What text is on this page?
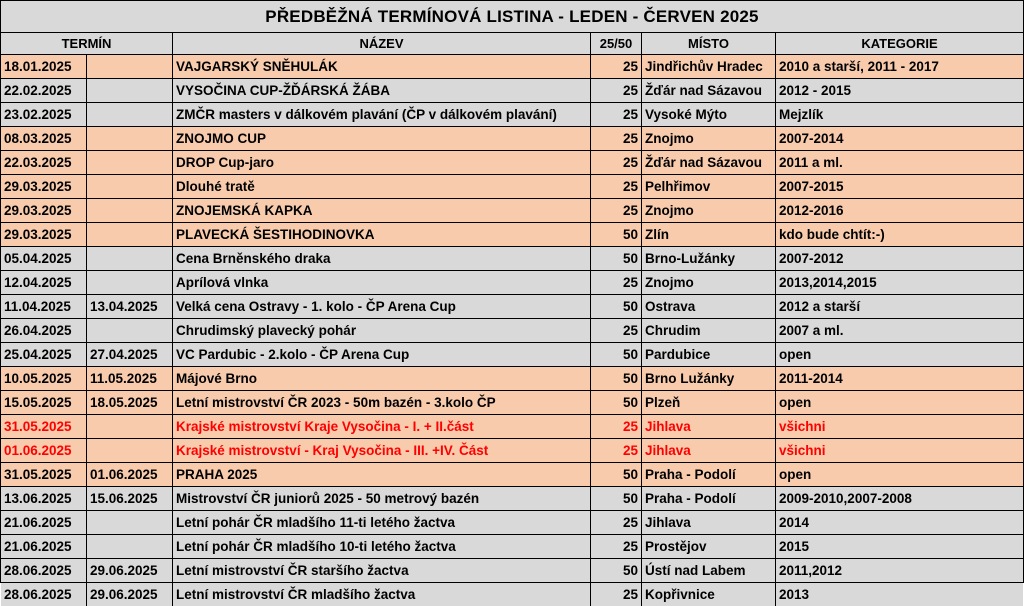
PŘEDBĚŽNÁ TERMÍNOVÁ LISTINA - LEDEN - ČERVEN 2025
TERMÍN	NÁZEV	25/50	MÍSTO	KATEGORIE
18.01.2025	VAJGARSKÝ SNĚHULÁK	25 Jindřichův Hradec	2010 a starší, 2011 - 2017
22.02.2025	VYSOČINA CUP-ŽĎÁRSKÁ ŽÁBA	25 Žďár nad Sázavou	2012 - 2015
23.02.2025	ZMČR masters v dálkovém plavání (ČP v dálkovém plavání)	25 Vysoké Mýto	Mejzlík
08.03.2025	ZNOJMO CUP	25 Znojmo	2007-2014
22.03.2025	DROP Cup-jaro	25 Žďár nad Sázavou	2011 a ml.
29.03.2025	Dlouhé tratě	25 Pelhřimov	2007-2015
29.03.2025	ZNOJEMSKÁ KAPKA	25 Znojmo	2012-2016
29.03.2025	PLAVECKÁ ŠESTIHODINOVKA	50 Zlín	kdo bude chtít:-)
05.04.2025	Cena Brněnského draka	50 Brno-Lužánky	2007-2012
12.04.2025	Aprílová vlnka	25 Znojmo	2013,2014,2015
11.04.2025	13.04.2025	Velká cena Ostravy - 1. kolo - ČP Arena Cup	50 Ostrava	2012 a starší
26.04.2025	Chrudimský plavecký pohár	25 Chrudim	2007 a ml.
25.04.2025	27.04.2025	VC Pardubic - 2.kolo - ČP Arena Cup	50 Pardubice	open
10.05.2025	11.05.2025	Májové Brno	50 Brno Lužánky	2011-2014
15.05.2025	18.05.2025	Letní mistrovství ČR 2023 - 50m bazén - 3.kolo ČP	50 Plzeň	open
31.05.2025	Krajské mistrovství Kraje Vysočina - I. + II.část	25 Jihlava	všichni
01.06.2025	Krajské mistrovství - Kraj Vysočina - III. +IV. Část	25 Jihlava	všichni
31.05.2025	01.06.2025	PRAHA 2025	50 Praha - Podolí	open
13.06.2025	15.06.2025	Mistrovství ČR juniorů 2025 - 50 metrový bazén	50 Praha - Podolí	2009-2010,2007-2008
21.06.2025	Letní pohár ČR mladšího 11-ti letého žactva	25 Jihlava	2014
21.06.2025	Letní pohár ČR mladšího 10-ti letého žactva	25 Prostějov	2015
28.06.2025	29.06.2025	Letní mistrovství ČR staršího žactva	50 Ústí nad Labem	2011,2012
28.06.2025	29.06.2025	Letní mistrovství ČR mladšího žactva	25 Kopřivnice	2013
